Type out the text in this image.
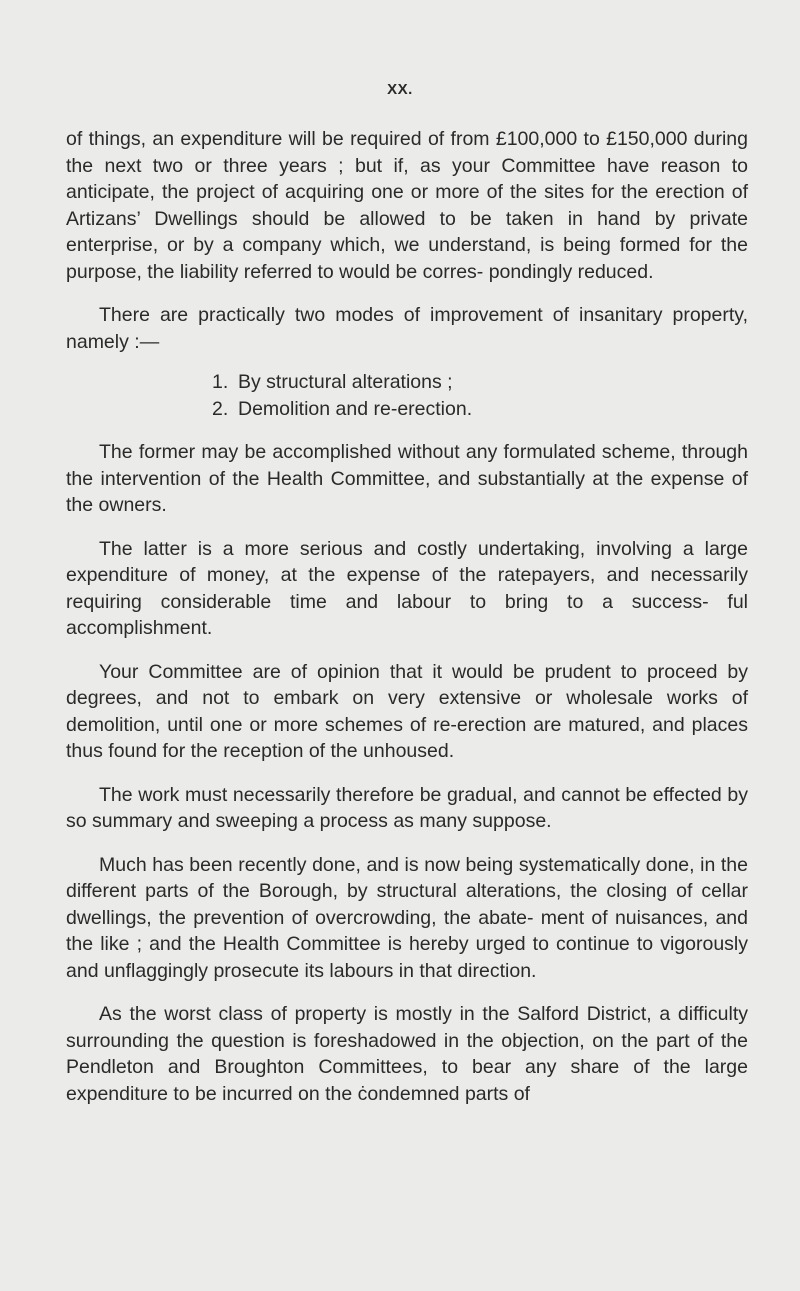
XX.

of things, an expenditure will be required of from £100,000 to £150,000 during the next two or three years ; but if, as your Committee have reason to anticipate, the project of acquiring one or more of the sites for the erection of Artizans’ Dwellings should be allowed to be taken in hand by private enterprise, or by a company which, we understand, is being formed for the purpose, the liability referred to would be corres- pondingly reduced.

There are practically two modes of improvement of insanitary property, namely :—

1. By structural alterations ;
2. Demolition and re-erection.

The former may be accomplished without any formulated scheme, through the intervention of the Health Committee, and substantially at the expense of the owners.

The latter is a more serious and costly undertaking, involving a large expenditure of money, at the expense of the ratepayers, and necessarily requiring considerable time and labour to bring to a success- ful accomplishment.

Your Committee are of opinion that it would be prudent to proceed by degrees, and not to embark on very extensive or wholesale works of demolition, until one or more schemes of re-erection are matured, and places thus found for the reception of the unhoused.

The work must necessarily therefore be gradual, and cannot be effected by so summary and sweeping a process as many suppose.

Much has been recently done, and is now being systematically done, in the different parts of the Borough, by structural alterations, the closing of cellar dwellings, the prevention of overcrowding, the abate- ment of nuisances, and the like ; and the Health Committee is hereby urged to continue to vigorously and unflaggingly prosecute its labours in that direction.

As the worst class of property is mostly in the Salford District, a difficulty surrounding the question is foreshadowed in the objection, on the part of the Pendleton and Broughton Committees, to bear any share of the large expenditure to be incurred on the ċondemned parts of
